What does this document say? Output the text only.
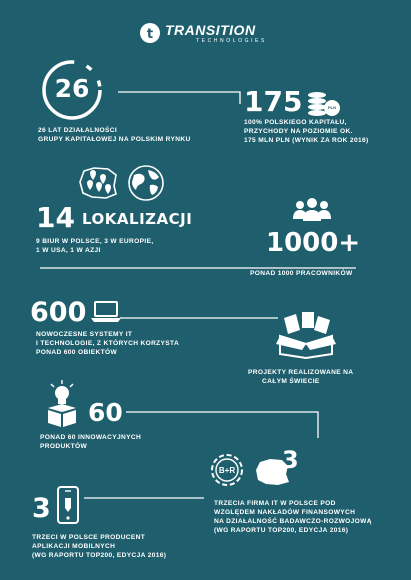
t TRANSITION
TECHNOLOGIES
26
26 LAT DZIAŁALNOŚCI
GRUPY KAPITAŁOWEJ NA POLSKIM RYNKU
175	PLN
100% POLSKIEGO KAPITAŁU,
PRZYCHODY NA POZIOMIE OK.
175 MLN PLN (WYNIK ZA ROK 2016)
14 LOKALIZACJI
9 BIUR W POLSCE, 3 W EUROPIE,
1 W USA, 1 W AZJI	1000+
PONAD 1000 PRACOWNIKÓW
600
NOWOCZESNE SYSTEMY IT
I TECHNOLOGIE, Z KTÓRYCH KORZYSTA
PONAD 600 OBIEKTÓW
PROJEKTY REALIZOWANE NA
CAŁYM ŚWIECIE
60
PONAD 60 INNOWACYJNYCH
PRODUKTÓW
3
TRZECI W POLSCE PRODUCENT
APLIKACJI MOBILNYCH
(WG RAPORTU TOP200, EDYCJA 2016)
B+R	3
TRZECIA FIRMA IT W POLSCE POD
WZGLĘDEM NAKŁADÓW FINANSOWYCH
NA DZIAŁALNOŚĆ BADAWCZO-ROZWOJOWĄ
(WG RAPORTU TOP200, EDYCJA 2016)
